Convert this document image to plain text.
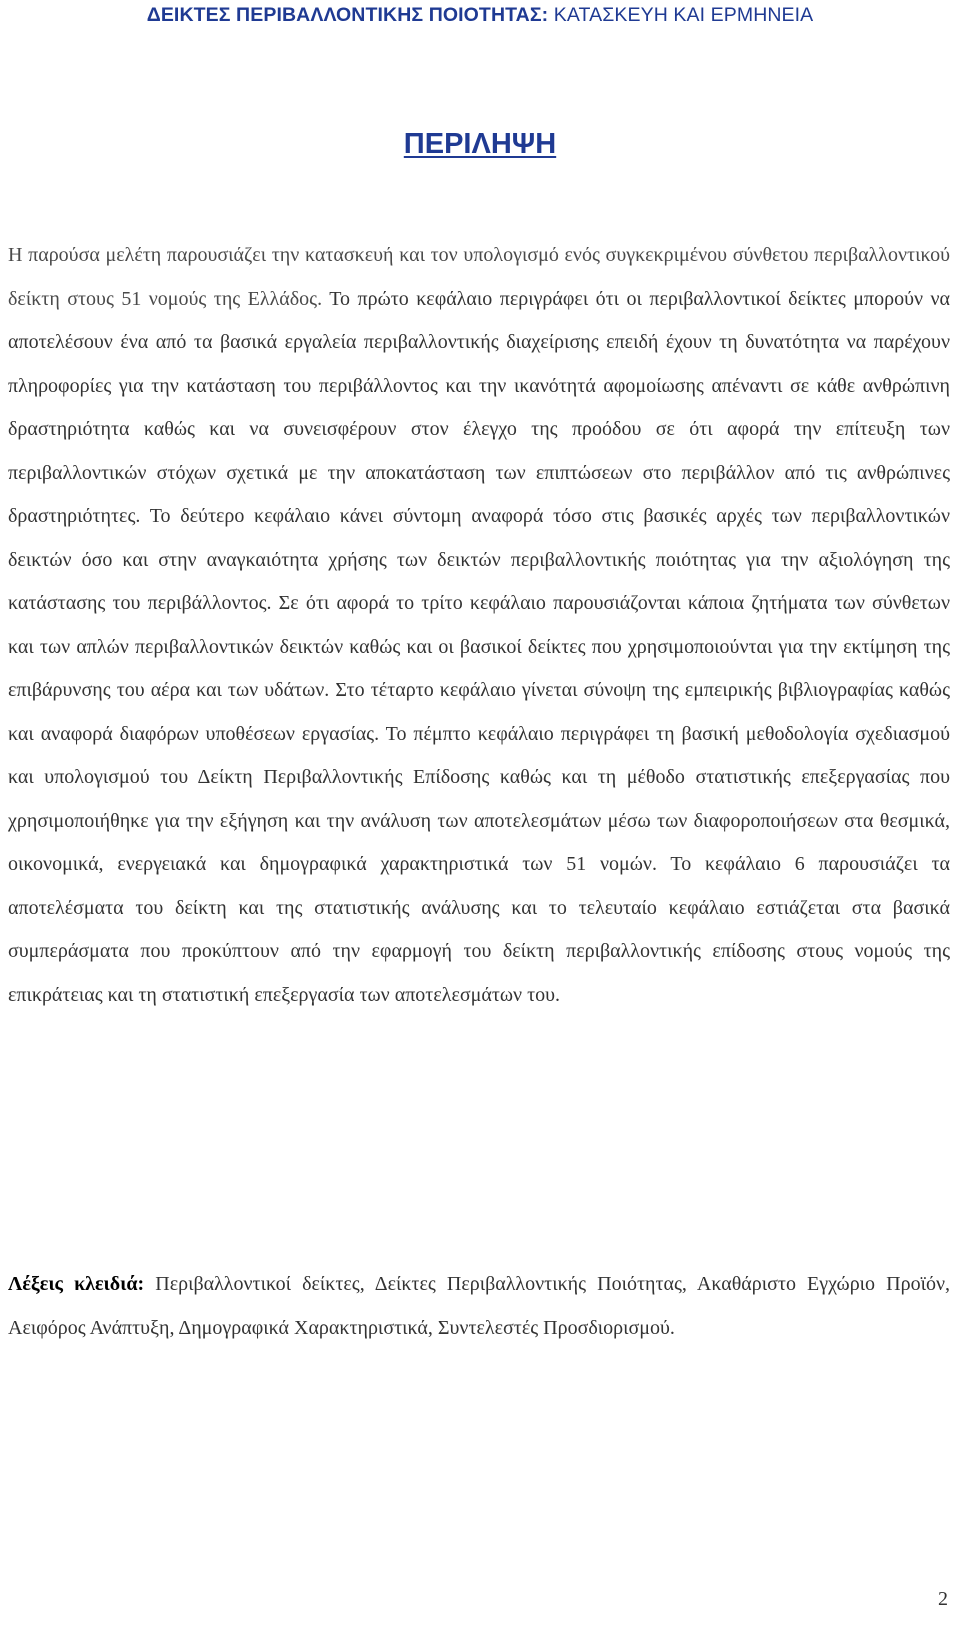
ΔΕΙΚΤΕΣ ΠΕΡΙΒΑΛΛΟΝΤΙΚΗΣ ΠΟΙΟΤΗΤΑΣ: ΚΑΤΑΣΚΕΥΗ ΚΑΙ ΕΡΜΗΝΕΙΑ
ΠΕΡΙΛΗΨΗ

Η παρούσα μελέτη παρουσιάζει την κατασκευή και τον υπολογισμό ενός συγκεκριμένου σύνθετου περιβαλλοντικού δείκτη στους 51 νομούς της Ελλάδος. Το πρώτο κεφάλαιο περιγράφει ότι οι περιβαλλοντικοί δείκτες μπορούν να αποτελέσουν ένα από τα βασικά εργαλεία περιβαλλοντικής διαχείρισης επειδή έχουν τη δυνατότητα να παρέχουν πληροφορίες για την κατάσταση του περιβάλλοντος και την ικανότητά αφομοίωσης απέναντι σε κάθε ανθρώπινη δραστηριότητα καθώς και να συνεισφέρουν στον έλεγχο της προόδου σε ότι αφορά την επίτευξη των περιβαλλοντικών στόχων σχετικά με την αποκατάσταση των επιπτώσεων στο περιβάλλον από τις ανθρώπινες δραστηριότητες. Το δεύτερο κεφάλαιο κάνει σύντομη αναφορά τόσο στις βασικές αρχές των περιβαλλοντικών δεικτών όσο και στην αναγκαιότητα χρήσης των δεικτών περιβαλλοντικής ποιότητας για την αξιολόγηση της κατάστασης του περιβάλλοντος. Σε ότι αφορά το τρίτο κεφάλαιο παρουσιάζονται κάποια ζητήματα των σύνθετων και των απλών περιβαλλοντικών δεικτών καθώς και οι βασικοί δείκτες που χρησιμοποιούνται για την εκτίμηση της επιβάρυνσης του αέρα και των υδάτων. Στο τέταρτο κεφάλαιο γίνεται σύνοψη της εμπειρικής βιβλιογραφίας καθώς και αναφορά διαφόρων υποθέσεων εργασίας. Το πέμπτο κεφάλαιο περιγράφει τη βασική μεθοδολογία σχεδιασμού και υπολογισμού του Δείκτη Περιβαλλοντικής Επίδοσης καθώς και τη μέθοδο στατιστικής επεξεργασίας που χρησιμοποιήθηκε για την εξήγηση και την ανάλυση των αποτελεσμάτων μέσω των διαφοροποιήσεων στα θεσμικά, οικονομικά, ενεργειακά και δημογραφικά χαρακτηριστικά των 51 νομών. Το κεφάλαιο 6 παρουσιάζει τα αποτελέσματα του δείκτη και της στατιστικής ανάλυσης και το τελευταίο κεφάλαιο εστιάζεται στα βασικά συμπεράσματα που προκύπτουν από την εφαρμογή του δείκτη περιβαλλοντικής επίδοσης στους νομούς της επικράτειας και τη στατιστική επεξεργασία των αποτελεσμάτων του.

Λέξεις κλειδιά: Περιβαλλοντικοί δείκτες, Δείκτες Περιβαλλοντικής Ποιότητας, Ακαθάριστο Εγχώριο Προϊόν, Αειφόρος Ανάπτυξη, Δημογραφικά Χαρακτηριστικά, Συντελεστές Προσδιορισμού.

2
